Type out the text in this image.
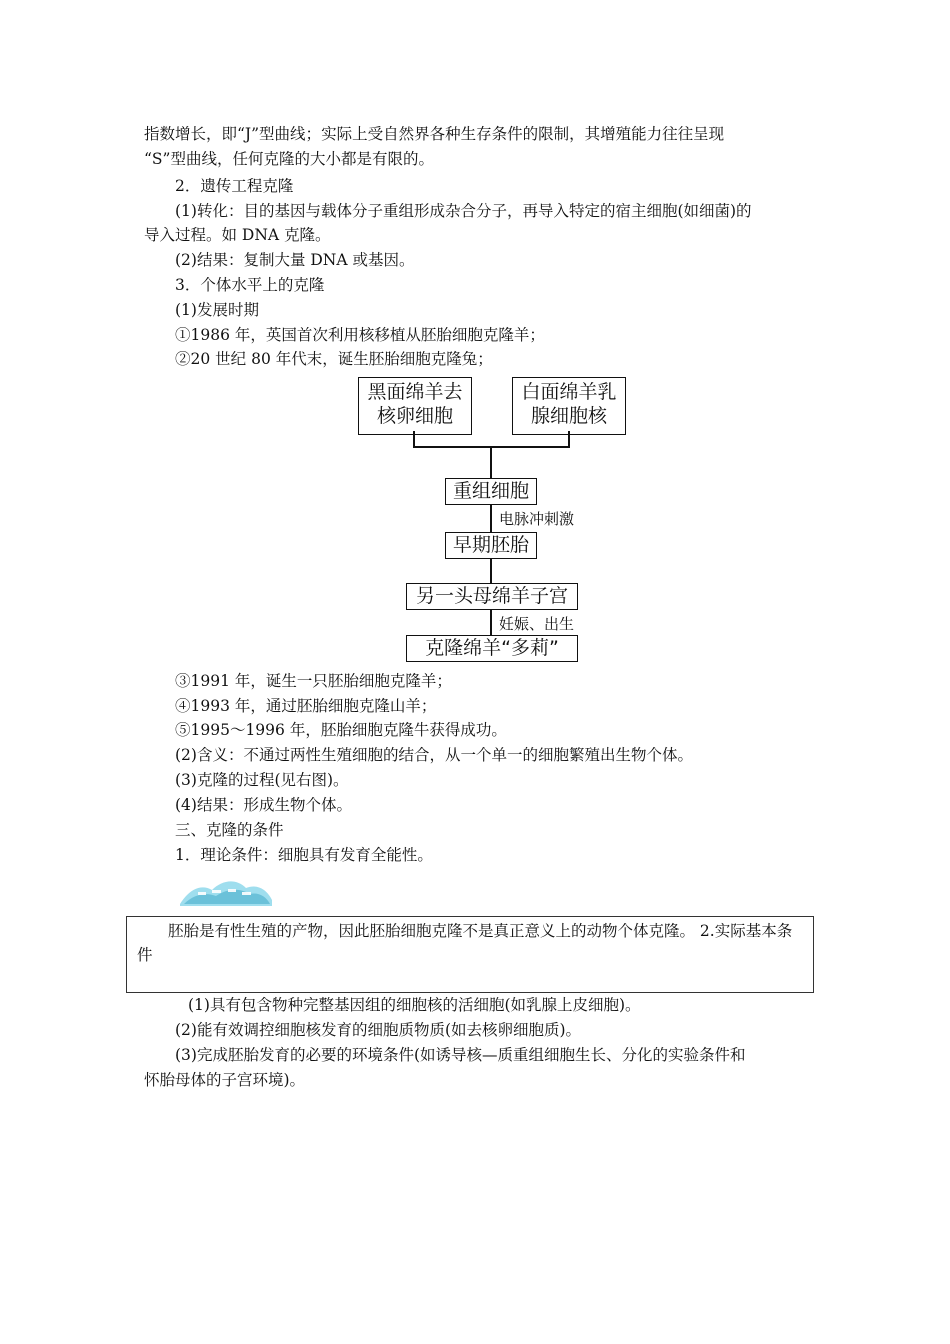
指数增长，即“J”型曲线；实际上受自然界各种生存条件的限制，其增殖能力往往呈现
“S”型曲线，任何克隆的大小都是有限的。
2．遗传工程克隆
(1)转化：目的基因与载体分子重组形成杂合分子，再导入特定的宿主细胞(如细菌)的
导入过程。如 DNA 克隆。
(2)结果：复制大量 DNA 或基因。
3．个体水平上的克隆
(1)发展时期
①1986 年，英国首次利用核移植从胚胎细胞克隆羊；
②20 世纪 80 年代末，诞生胚胎细胞克隆兔；
黑面绵羊去
核卵细胞
白面绵羊乳
腺细胞核
重组细胞
电脉冲刺激
早期胚胎
另一头母绵羊子宫
妊娠、出生
克隆绵羊“多莉”
③1991 年，诞生一只胚胎细胞克隆羊；
④1993 年，通过胚胎细胞克隆山羊；
⑤1995～1996 年，胚胎细胞克隆牛获得成功。
(2)含义：不通过两性生殖细胞的结合，从一个单一的细胞繁殖出生物个体。
(3)克隆的过程(见右图)。
(4)结果：形成生物个体。
三、克隆的条件
1．理论条件：细胞具有发育全能性。
胚胎是有性生殖的产物，因此胚胎细胞克隆不是真正意义上的动物个体克隆。 2.实际基本条件
(1)具有包含物种完整基因组的细胞核的活细胞(如乳腺上皮细胞)。
(2)能有效调控细胞核发育的细胞质物质(如去核卵细胞质)。
(3)完成胚胎发育的必要的环境条件(如诱导核—质重组细胞生长、分化的实验条件和
怀胎母体的子宫环境)。
